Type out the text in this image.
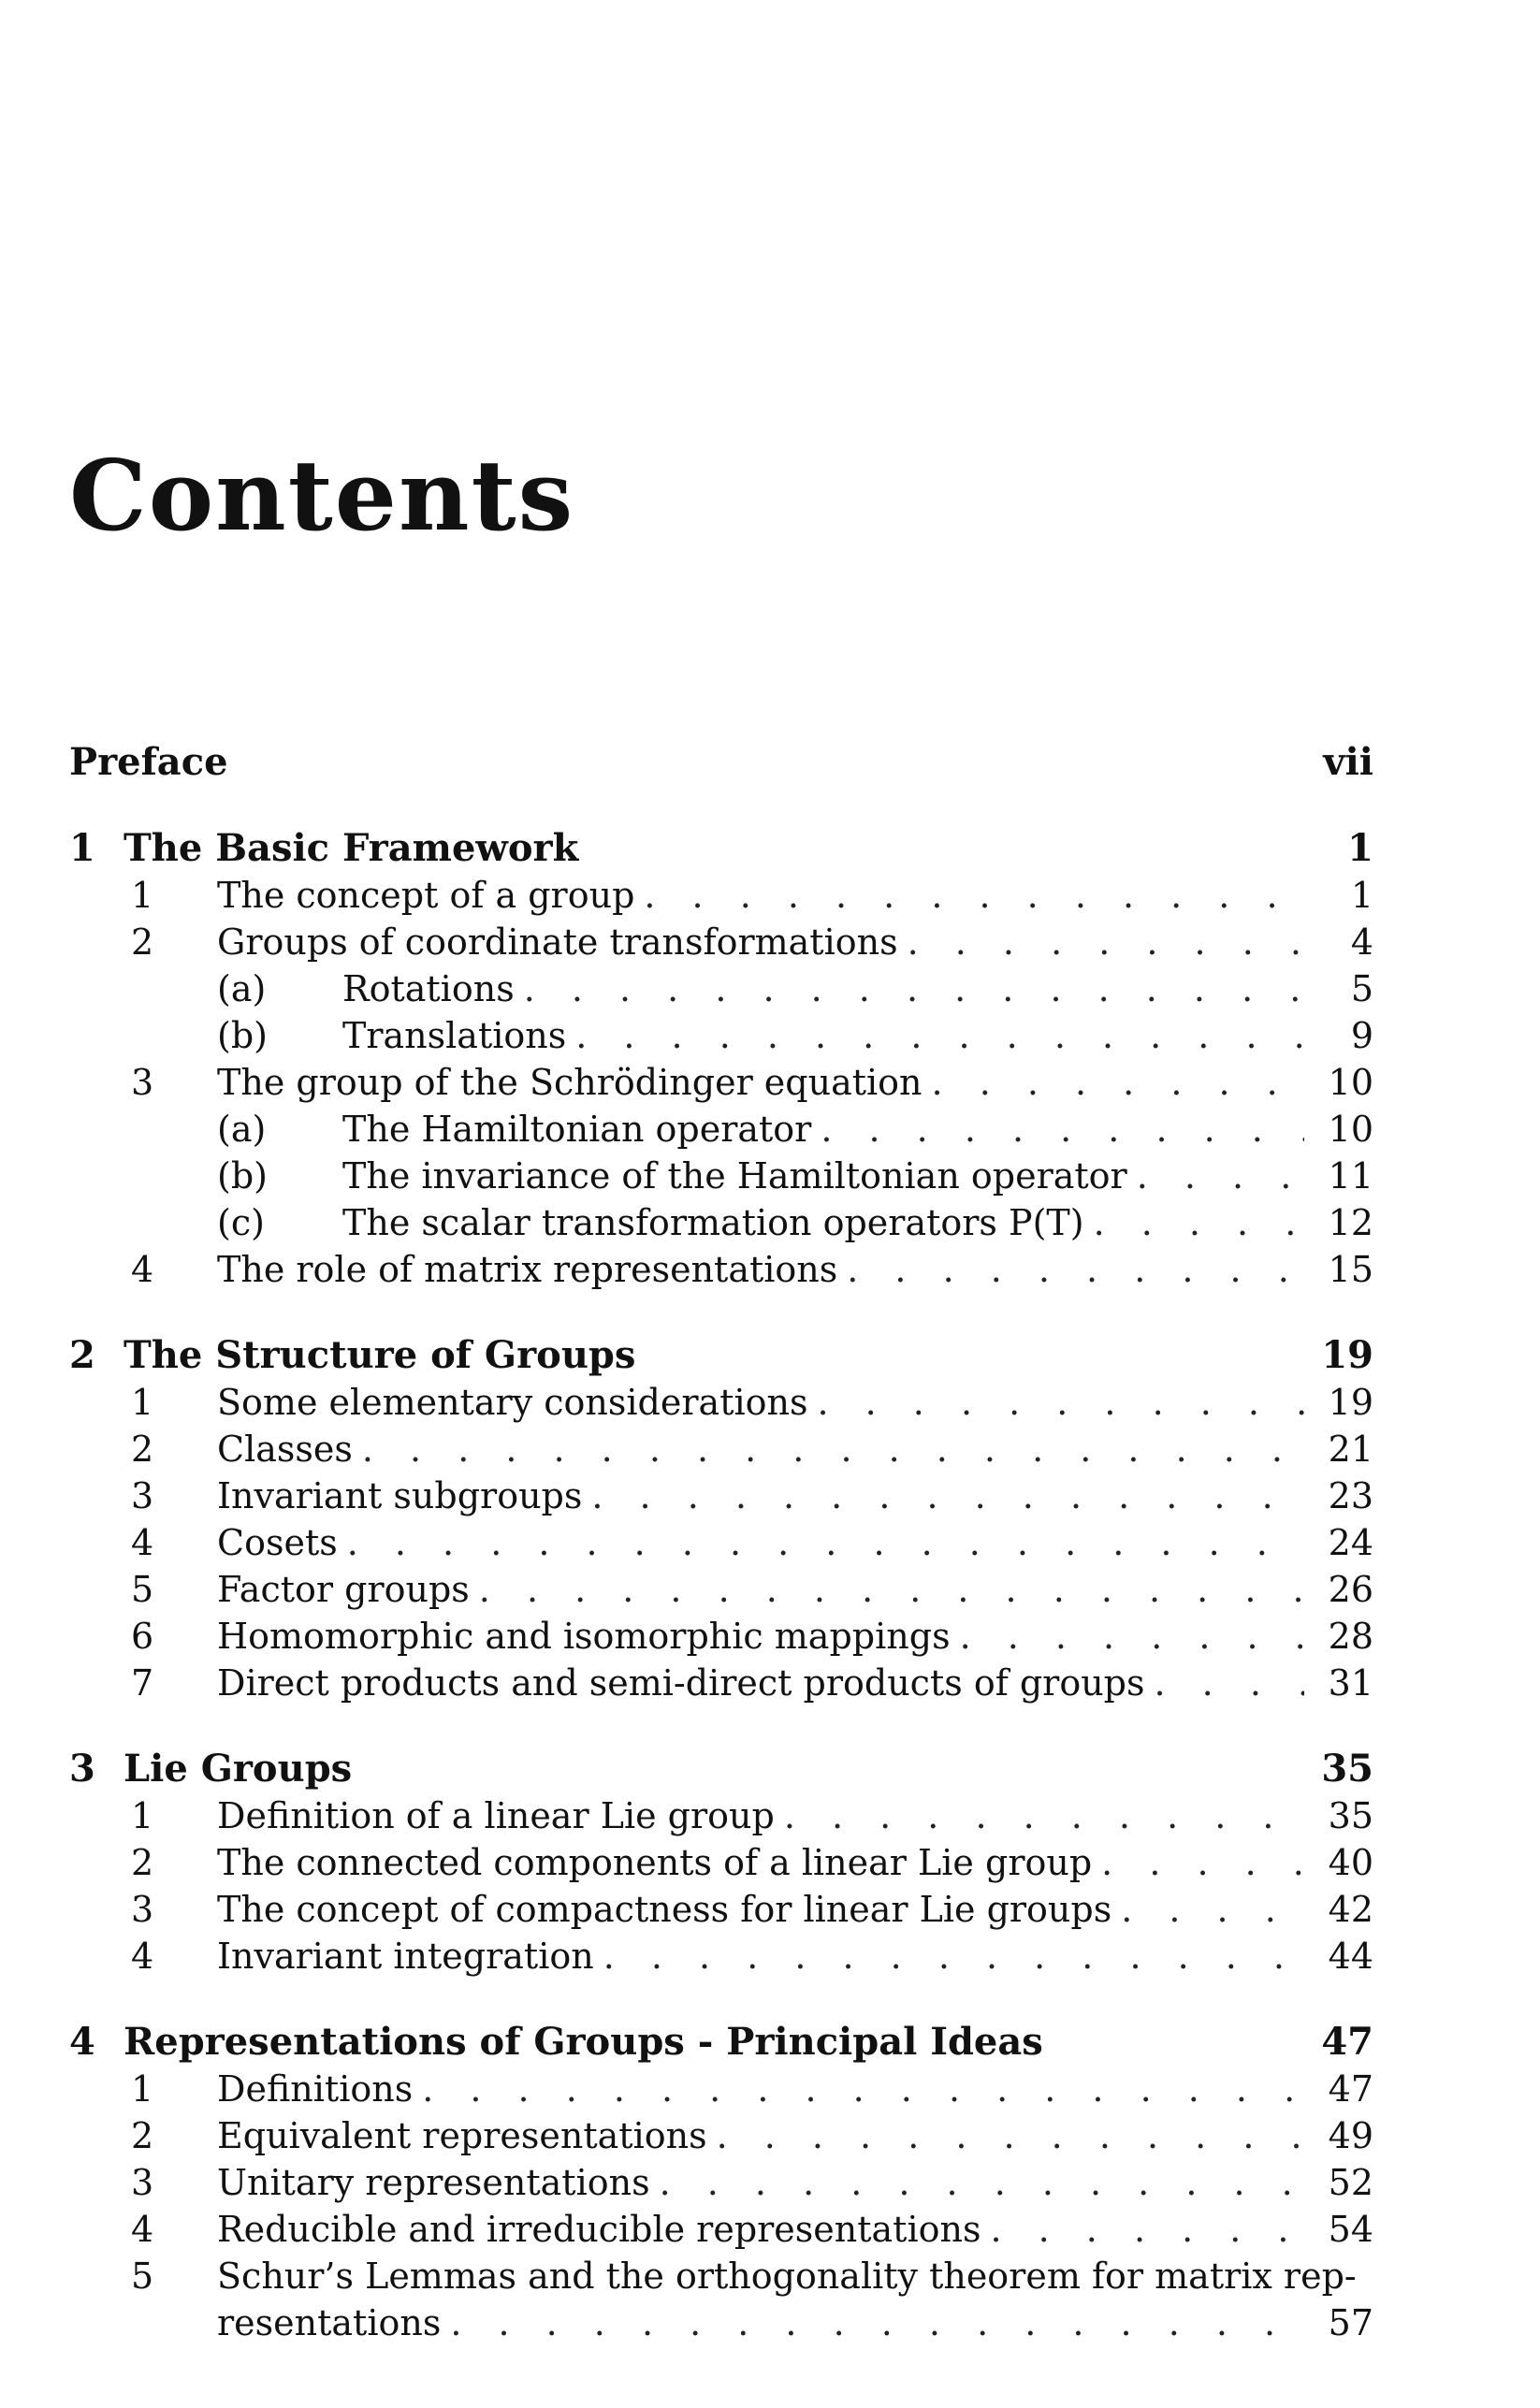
Contents
Preface	vii
1 The Basic Framework	1
1	The concept of a group . . .	1
2	Groups of coordinate transformations . . .	4
(a)	Rotations . . .	5
(b)	Translations . . .	9
3	The group of the Schrödinger equation . . .	10
(a)	The Hamiltonian operator . . .	10
(b)	The invariance of the Hamiltonian operator . . .	11
(c)	The scalar transformation operators P(T) . . .	12
4	The role of matrix representations . . .	15
2 The Structure of Groups	19
1	Some elementary considerations . . .	19
2	Classes . . .	21
3	Invariant subgroups . . .	23
4	Cosets . . .	24
5	Factor groups . . .	26
6	Homomorphic and isomorphic mappings . . .	28
7	Direct products and semi-direct products of groups . . .	31
3 Lie Groups	35
1	Definition of a linear Lie group . . .	35
2	The connected components of a linear Lie group . . .	40
3	The concept of compactness for linear Lie groups . . .	42
4	Invariant integration . . .	44
4 Representations of Groups - Principal Ideas	47
1	Definitions . . .	47
2	Equivalent representations . . .	49
3	Unitary representations . . .	52
4	Reducible and irreducible representations . . .	54
5	Schur’s Lemmas and the orthogonality theorem for matrix rep-
resentations . . .	57
